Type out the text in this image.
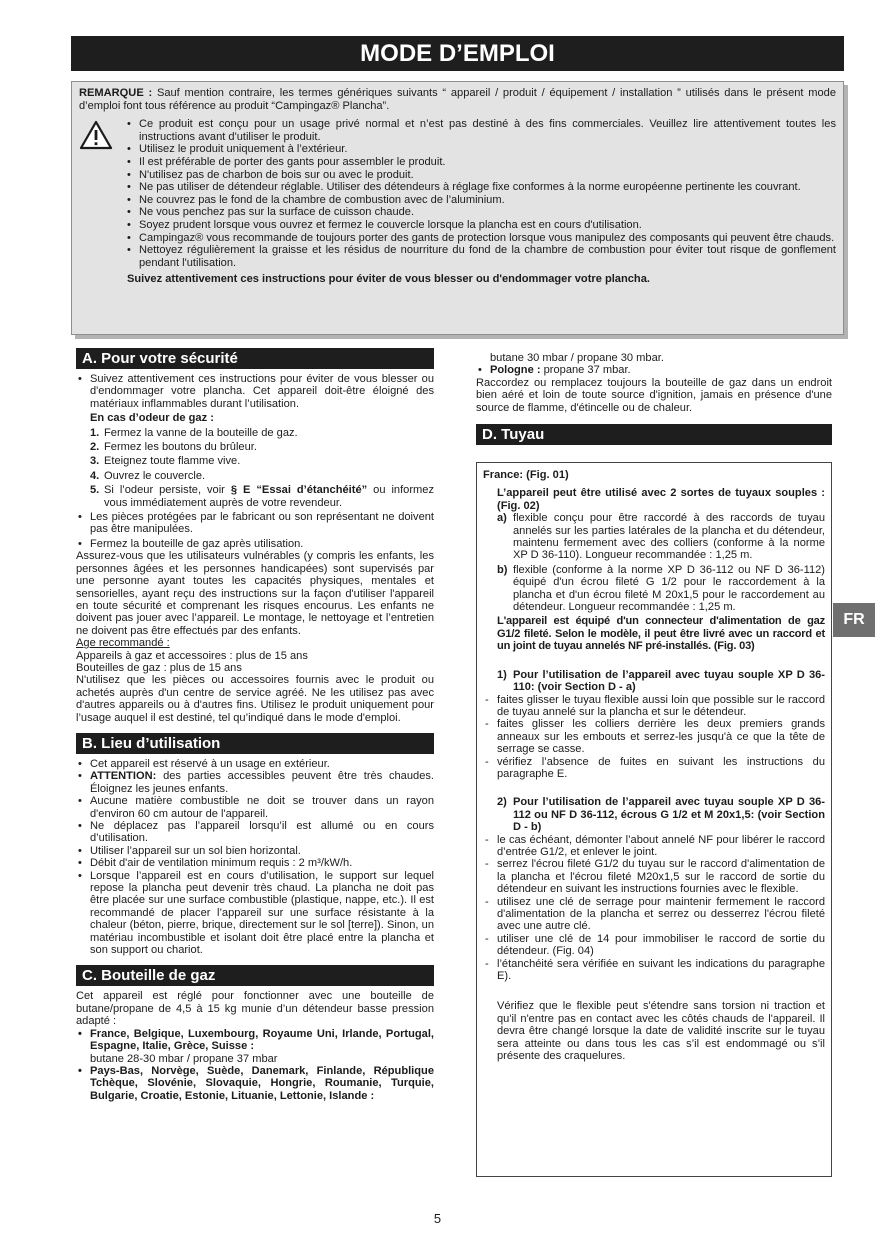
MODE D’EMPLOI

REMARQUE : Sauf mention contraire, les termes génériques suivants “ appareil / produit / équipement / installation ” utilisés dans le présent mode d’emploi font tous référence au produit “Campingaz® Plancha”.

• Ce produit est conçu pour un usage privé normal et n’est pas destiné à des fins commerciales. Veuillez lire attentivement toutes les instructions avant d'utiliser le produit.
• Utilisez le produit uniquement à l’extérieur.
• Il est préférable de porter des gants pour assembler le produit.
• N'utilisez pas de charbon de bois sur ou avec le produit.
• Ne pas utiliser de détendeur réglable. Utiliser des détendeurs à réglage fixe conformes à la norme européenne pertinente les couvrant.
• Ne couvrez pas le fond de la chambre de combustion avec de l’aluminium.
• Ne vous penchez pas sur la surface de cuisson chaude.
• Soyez prudent lorsque vous ouvrez et fermez le couvercle lorsque la plancha est en cours d'utilisation.
• Campingaz® vous recommande de toujours porter des gants de protection lorsque vous manipulez des composants qui peuvent être chauds.
• Nettoyez régulièrement la graisse et les résidus de nourriture du fond de la chambre de combustion pour éviter tout risque de gonflement pendant l'utilisation.

Suivez attentivement ces instructions pour éviter de vous blesser ou d'endommager votre plancha.

A. Pour votre sécurité

• Suivez attentivement ces instructions pour éviter de vous blesser ou d'endommager votre plancha. Cet appareil doit-être éloigné des matériaux inflammables durant l’utilisation.

En cas d’odeur de gaz :

1. Fermez la vanne de la bouteille de gaz.

2. Fermez les boutons du brûleur.

3. Eteignez toute flamme vive.

4. Ouvrez le couvercle.

5. Si l’odeur persiste, voir § E “Essai d’étanchéité” ou informez vous immédiatement auprès de votre revendeur.

• Les pièces protégées par le fabricant ou son représentant ne doivent pas être manipulées.

• Fermez la bouteille de gaz après utilisation.

Assurez-vous que les utilisateurs vulnérables (y compris les enfants, les personnes âgées et les personnes handicapées) sont supervisés par une personne ayant toutes les capacités physiques, mentales et sensorielles, ayant reçu des instructions sur la façon d'utiliser l'appareil en toute sécurité et comprenant les risques encourus. Les enfants ne doivent pas jouer avec l’appareil. Le montage, le nettoyage et l’entretien ne doivent pas être effectués par des enfants.

Age recommandé :

Appareils à gaz et accessoires : plus de 15 ans

Bouteilles de gaz : plus de 15 ans

N'utilisez que les pièces ou accessoires fournis avec le produit ou achetés auprès d'un centre de service agréé. Ne les utilisez pas avec d'autres appareils ou à d'autres fins. Utilisez le produit uniquement pour l’usage auquel il est destiné, tel qu’indiqué dans le mode d'emploi.

B. Lieu d’utilisation

• Cet appareil est réservé à un usage en extérieur.

• ATTENTION: des parties accessibles peuvent être très chaudes. Éloignez les jeunes enfants.

• Aucune matière combustible ne doit se trouver dans un rayon d'environ 60 cm autour de l'appareil.

• Ne déplacez pas l’appareil lorsqu’il est allumé ou en cours d’utilisation.

• Utiliser l’appareil sur un sol bien horizontal.

• Débit d'air de ventilation minimum requis : 2 m³/kW/h.

• Lorsque l’appareil est en cours d’utilisation, le support sur lequel repose la plancha peut devenir très chaud. La plancha ne doit pas être placée sur une surface combustible (plastique, nappe, etc.). Il est recommandé de placer l’appareil sur une surface résistante à la chaleur (béton, pierre, brique, directement sur le sol [terre]). Sinon, un matériau incombustible et isolant doit être placé entre la plancha et son support ou chariot.

C. Bouteille de gaz

Cet appareil est réglé pour fonctionner avec une bouteille de butane/propane de 4,5 à 15 kg munie d’un détendeur basse pression adapté :

• France, Belgique, Luxembourg, Royaume Uni, Irlande, Portugal, Espagne, Italie, Grèce, Suisse :

butane 28-30 mbar / propane 37 mbar

• Pays-Bas, Norvège, Suède, Danemark, Finlande, République Tchèque, Slovénie, Slovaquie, Hongrie, Roumanie, Turquie, Bulgarie, Croatie, Estonie, Lituanie, Lettonie, Islande :

butane 30 mbar / propane 30 mbar.

• Pologne : propane 37 mbar.

Raccordez ou remplacez toujours la bouteille de gaz dans un endroit bien aéré et loin de toute source d'ignition, jamais en présence d'une source de flamme, d'étincelle ou de chaleur.

D. Tuyau

France: (Fig. 01)

L’appareil peut être utilisé avec 2 sortes de tuyaux souples : (Fig. 02)

a) flexible conçu pour être raccordé à des raccords de tuyau annelés sur les parties latérales de la plancha et du détendeur, maintenu fermement avec des colliers (conforme à la norme XP D 36-110). Longueur recommandée : 1,25 m.

b) flexible (conforme à la norme XP D 36-112 ou NF D 36-112) équipé d'un écrou fileté G 1/2 pour le raccordement à la plancha et d'un écrou fileté M 20x1,5 pour le raccordement au détendeur. Longueur recommandée : 1,25 m.

L'appareil est équipé d'un connecteur d'alimentation de gaz G1/2 fileté. Selon le modèle, il peut être livré avec un raccord et un joint de tuyau annelés NF pré-installés. (Fig. 03)

1) Pour l’utilisation de l’appareil avec tuyau souple XP D 36-110: (voir Section D - a)

- faites glisser le tuyau flexible aussi loin que possible sur le raccord de tuyau annelé sur la plancha et sur le détendeur.

- faites glisser les colliers derrière les deux premiers grands anneaux sur les embouts et serrez-les jusqu'à ce que la tête de serrage se casse.

- vérifiez l’absence de fuites en suivant les instructions du paragraphe E.

2) Pour l’utilisation de l’appareil avec tuyau souple XP D 36-112 ou NF D 36-112, écrous G 1/2 et M 20x1,5: (voir Section D - b)

- le cas échéant, démonter l’about annelé NF pour libérer le raccord d’entrée G1/2, et enlever le joint.

- serrez l'écrou fileté G1/2 du tuyau sur le raccord d'alimentation de la plancha et l'écrou fileté M20x1,5 sur le raccord de sortie du détendeur en suivant les instructions fournies avec le flexible.

- utilisez une clé de serrage pour maintenir fermement le raccord d'alimentation de la plancha et serrez ou desserrez l'écrou fileté avec une autre clé.

- utiliser une clé de 14 pour immobiliser le raccord de sortie du détendeur. (Fig. 04)

- l’étanchéité sera vérifiée en suivant les indications du paragraphe E).

Vérifiez que le flexible peut s'étendre sans torsion ni traction et qu'il n'entre pas en contact avec les côtés chauds de l'appareil. Il devra être changé lorsque la date de validité inscrite sur le tuyau sera atteinte ou dans tous les cas s’il est endommagé ou s’il présente des craquelures.

FR
5
